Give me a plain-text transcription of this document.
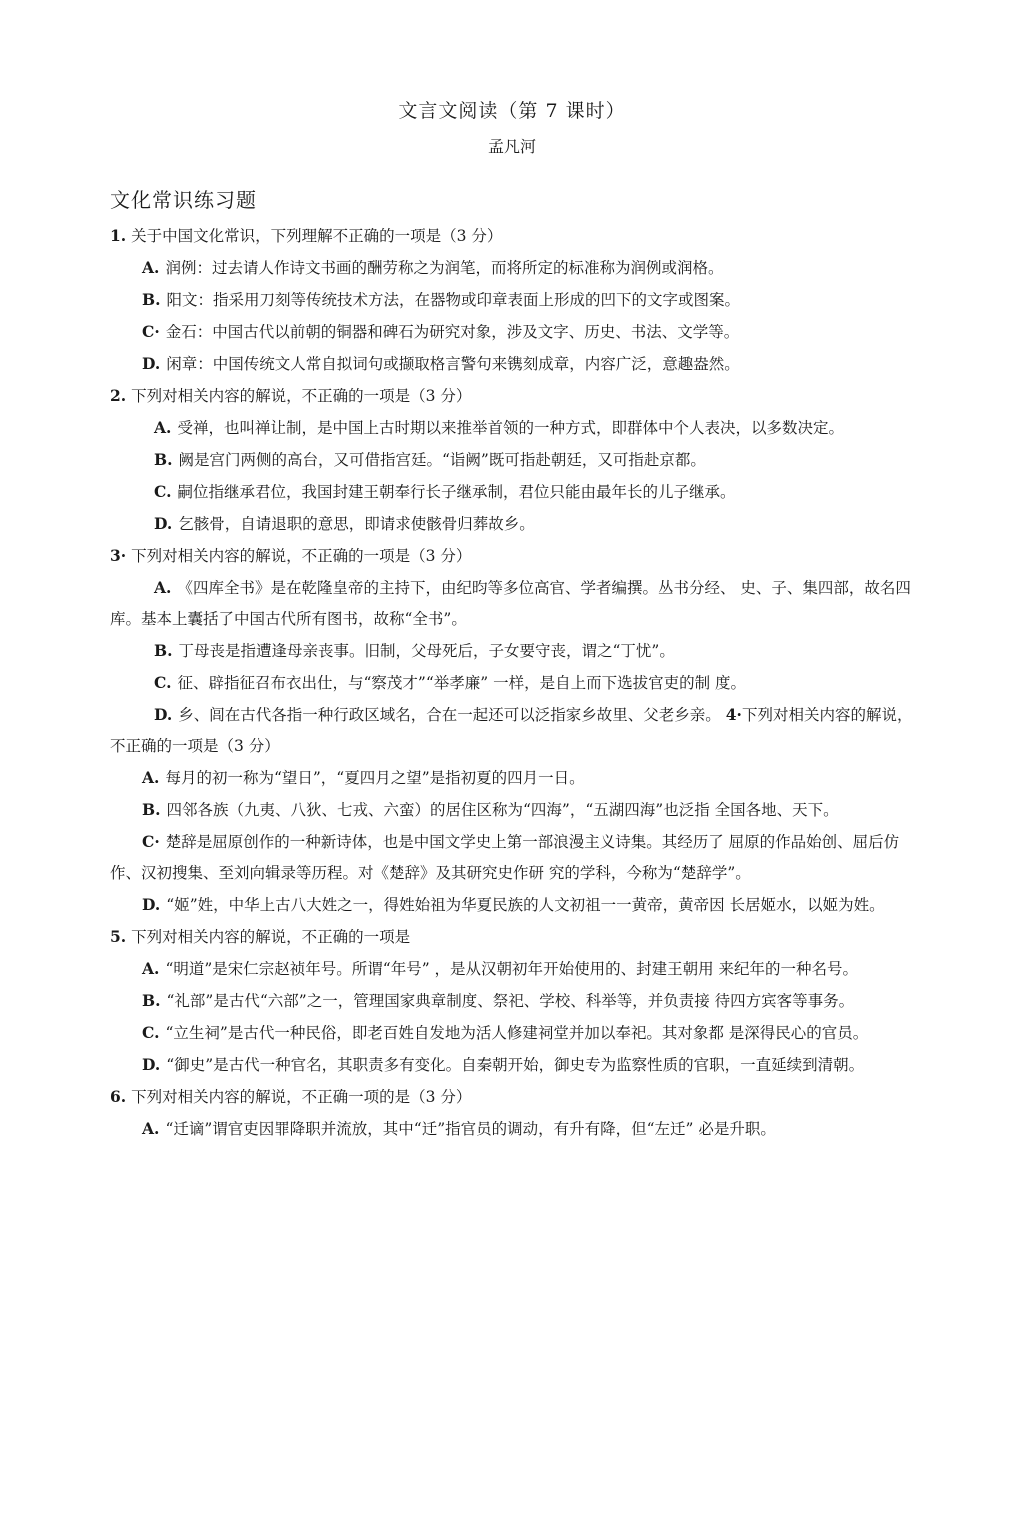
文言文阅读（第 7 课时）
孟凡河
文化常识练习题

1. 关于中国文化常识，下列理解不正确的一项是（3 分）

A. 润例：过去请人作诗文书画的酬劳称之为润笔，而将所定的标准称为润例或润格。

B. 阳文：指采用刀刻等传统技术方法，在器物或印章表面上形成的凹下的文字或图案。

C· 金石：中国古代以前朝的铜器和碑石为研究对象，涉及文字、历史、书法、文学等。

D. 闲章：中国传统文人常自拟词句或撷取格言警句来镌刻成章，内容广泛，意趣盎然。

2. 下列对相关内容的解说，不正确的一项是（3 分）

A. 受禅，也叫禅让制，是中国上古时期以来推举首领的一种方式，即群体中个人表决，以多数决定。

B. 阙是宫门两侧的高台，又可借指宫廷。“诣阙”既可指赴朝廷，又可指赴京都。

C. 嗣位指继承君位，我国封建王朝奉行长子继承制，君位只能由最年长的儿子继承。

D. 乞骸骨，自请退职的意思，即请求使骸骨归葬故乡。

3· 下列对相关内容的解说，不正确的一项是（3 分）

A. 《四库全书》是在乾隆皇帝的主持下，由纪昀等多位高官、学者编撰。丛书分经、 史、子、集四部，故名四库。基本上囊括了中国古代所有图书，故称“全书”。

B. 丁母丧是指遭逢母亲丧事。旧制，父母死后，子女要守丧，谓之“丁忧”。

C. 征、辟指征召布衣出仕，与“察茂才”“举孝廉” 一样，是自上而下选拔官吏的制 度。

D. 乡、闾在古代各指一种行政区域名，合在一起还可以泛指家乡故里、父老乡亲。 4·下列对相关内容的解说，不正确的一项是（3 分）

A. 每月的初一称为“望日”，“夏四月之望”是指初夏的四月一日。

B. 四邻各族（九夷、八狄、七戎、六蛮）的居住区称为“四海”，“五湖四海”也泛指 全国各地、天下。

C· 楚辞是屈原创作的一种新诗体，也是中国文学史上第一部浪漫主义诗集。其经历了 屈原的作品始创、屈后仿作、汉初搜集、至刘向辑录等历程。对《楚辞》及其研究史作研 究的学科，今称为“楚辞学”。

D. “姬”姓，中华上古八大姓之一，得姓始祖为华夏民族的人文初祖一一黄帝，黄帝因 长居姬水，以姬为姓。

5. 下列对相关内容的解说，不正确的一项是

A. “明道”是宋仁宗赵祯年号。所谓“年号” ，是从汉朝初年开始使用的、封建王朝用 来纪年的一种名号。

B. “礼部”是古代“六部”之一，管理国家典章制度、祭祀、学校、科举等，并负责接 待四方宾客等事务。

C. “立生祠”是古代一种民俗，即老百姓自发地为活人修建祠堂并加以奉祀。其对象都 是深得民心的官员。

D. “御史”是古代一种官名，其职责多有变化。自秦朝开始，御史专为监察性质的官职，一直延续到清朝。

6. 下列对相关内容的解说，不正确一项的是（3 分）

A. “迁谪”谓官吏因罪降职并流放，其中“迁”指官员的调动，有升有降，但“左迁” 必是升职。
